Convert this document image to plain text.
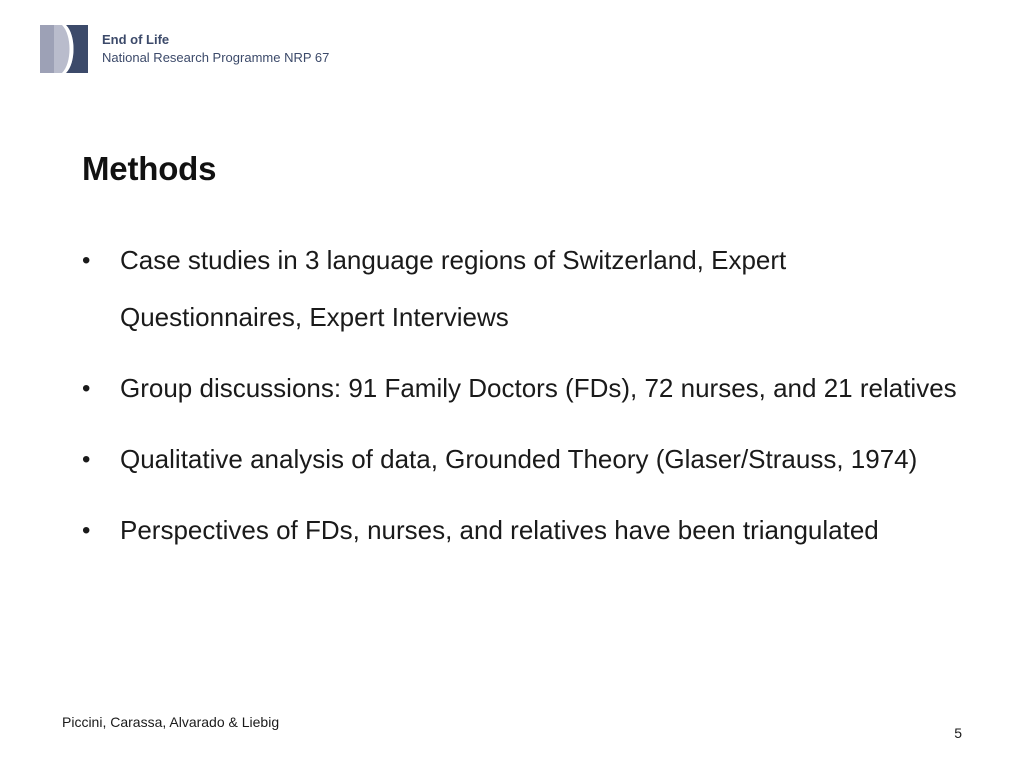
End of Life
National Research Programme NRP 67
Methods
•	Case studies in 3 language regions of Switzerland, Expert Questionnaires, Expert Interviews
•	Group discussions: 91 Family Doctors (FDs), 72 nurses, and 21 relatives
•	Qualitative analysis of data, Grounded Theory (Glaser/Strauss, 1974)
•	Perspectives of FDs, nurses, and relatives have been triangulated
Piccini, Carassa, Alvarado & Liebig
5
